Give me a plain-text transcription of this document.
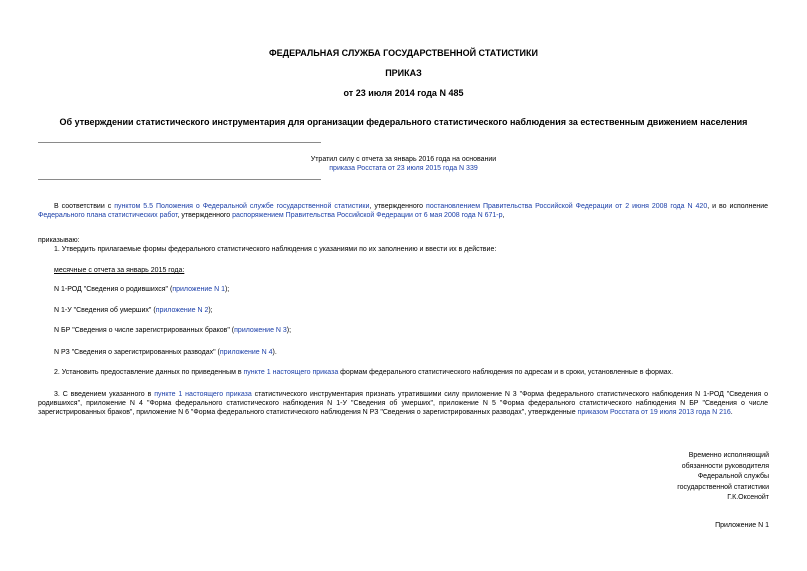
ФЕДЕРАЛЬНАЯ СЛУЖБА ГОСУДАРСТВЕННОЙ СТАТИСТИКИ
ПРИКАЗ
от 23 июля 2014 года N 485
Об утверждении статистического инструментария для организации федерального статистического наблюдения за естественным движением населения
Утратил силу с отчета за январь 2016 года на основании
приказа Росстата от 23 июля 2015 года N 339
В соответствии с пунктом 5.5 Положения о Федеральной службе государственной статистики, утвержденного постановлением Правительства Российской Федерации от 2 июня 2008 года N 420, и во исполнение Федерального плана статистических работ, утвержденного распоряжением Правительства Российской Федерации от 6 мая 2008 года N 671-р,
приказываю:
1. Утвердить прилагаемые формы федерального статистического наблюдения с указаниями по их заполнению и ввести их в действие:
месячные с отчета за январь 2015 года:
N 1-РОД "Сведения о родившихся" (приложение N 1);
N 1-У "Сведения об умерших" (приложение N 2);
N БР "Сведения о числе зарегистрированных браков" (приложение N 3);
N РЗ "Сведения о зарегистрированных разводах" (приложение N 4).
2. Установить предоставление данных по приведенным в пункте 1 настоящего приказа формам федерального статистического наблюдения по адресам и в сроки, установленные в формах.
3. С введением указанного в пункте 1 настоящего приказа статистического инструментария признать утратившими силу приложение N 3 "Форма федерального статистического наблюдения N 1-РОД "Сведения о родившихся", приложение N 4 "Форма федерального статистического наблюдения N 1-У "Сведения об умерших", приложение N 5 "Форма федерального статистического наблюдения N БР "Сведения о числе зарегистрированных браков", приложение N 6 "Форма федерального статистического наблюдения N РЗ "Сведения о зарегистрированных разводах", утвержденные приказом Росстата от 19 июля 2013 года N 216.
Временно исполняющий
обязанности руководителя
Федеральной службы
государственной статистики
Г.К.Оксенойт
Приложение N 1
